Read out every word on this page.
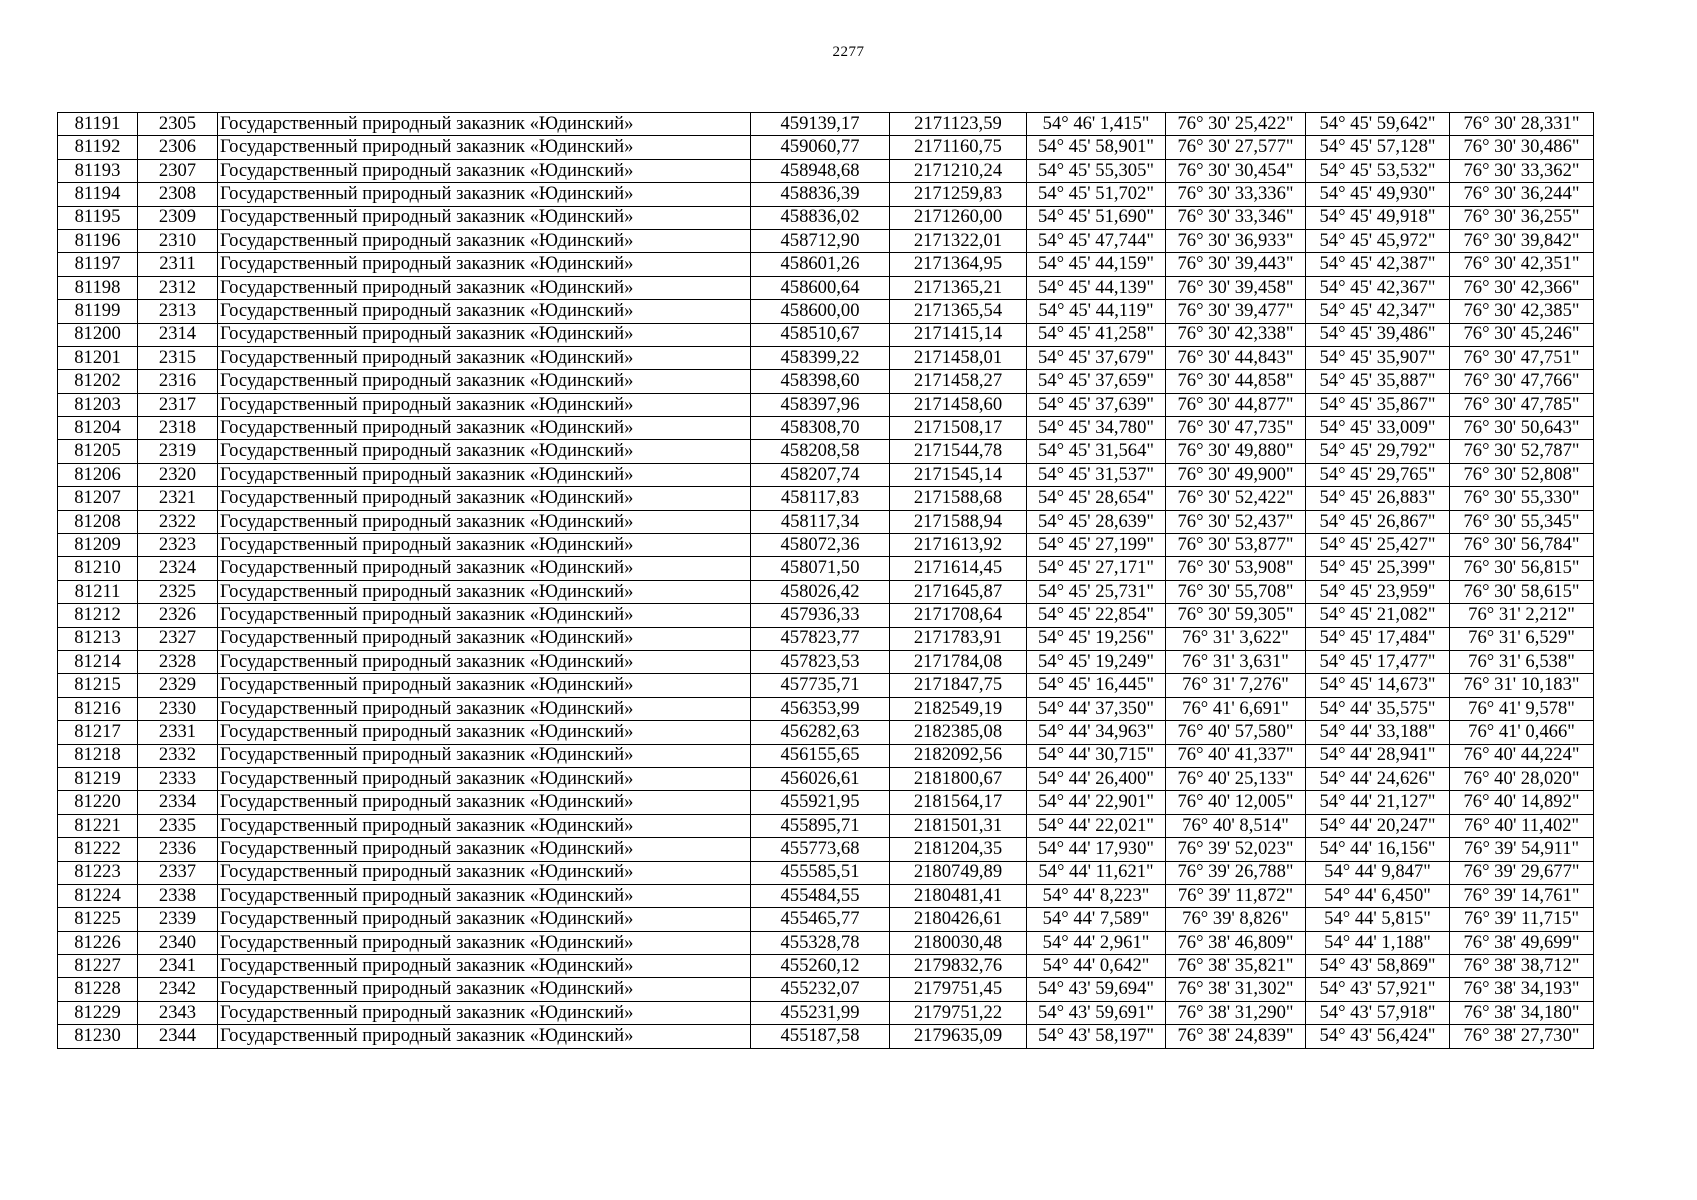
2277
81191	2305	Государственный природный заказник «Юдинский»	459139,17	2171123,59	54° 46' 1,415"	76° 30' 25,422"	54° 45' 59,642"	76° 30' 28,331"
81192	2306	Государственный природный заказник «Юдинский»	459060,77	2171160,75	54° 45' 58,901"	76° 30' 27,577"	54° 45' 57,128"	76° 30' 30,486"
81193	2307	Государственный природный заказник «Юдинский»	458948,68	2171210,24	54° 45' 55,305"	76° 30' 30,454"	54° 45' 53,532"	76° 30' 33,362"
81194	2308	Государственный природный заказник «Юдинский»	458836,39	2171259,83	54° 45' 51,702"	76° 30' 33,336"	54° 45' 49,930"	76° 30' 36,244"
81195	2309	Государственный природный заказник «Юдинский»	458836,02	2171260,00	54° 45' 51,690"	76° 30' 33,346"	54° 45' 49,918"	76° 30' 36,255"
81196	2310	Государственный природный заказник «Юдинский»	458712,90	2171322,01	54° 45' 47,744"	76° 30' 36,933"	54° 45' 45,972"	76° 30' 39,842"
81197	2311	Государственный природный заказник «Юдинский»	458601,26	2171364,95	54° 45' 44,159"	76° 30' 39,443"	54° 45' 42,387"	76° 30' 42,351"
81198	2312	Государственный природный заказник «Юдинский»	458600,64	2171365,21	54° 45' 44,139"	76° 30' 39,458"	54° 45' 42,367"	76° 30' 42,366"
81199	2313	Государственный природный заказник «Юдинский»	458600,00	2171365,54	54° 45' 44,119"	76° 30' 39,477"	54° 45' 42,347"	76° 30' 42,385"
81200	2314	Государственный природный заказник «Юдинский»	458510,67	2171415,14	54° 45' 41,258"	76° 30' 42,338"	54° 45' 39,486"	76° 30' 45,246"
81201	2315	Государственный природный заказник «Юдинский»	458399,22	2171458,01	54° 45' 37,679"	76° 30' 44,843"	54° 45' 35,907"	76° 30' 47,751"
81202	2316	Государственный природный заказник «Юдинский»	458398,60	2171458,27	54° 45' 37,659"	76° 30' 44,858"	54° 45' 35,887"	76° 30' 47,766"
81203	2317	Государственный природный заказник «Юдинский»	458397,96	2171458,60	54° 45' 37,639"	76° 30' 44,877"	54° 45' 35,867"	76° 30' 47,785"
81204	2318	Государственный природный заказник «Юдинский»	458308,70	2171508,17	54° 45' 34,780"	76° 30' 47,735"	54° 45' 33,009"	76° 30' 50,643"
81205	2319	Государственный природный заказник «Юдинский»	458208,58	2171544,78	54° 45' 31,564"	76° 30' 49,880"	54° 45' 29,792"	76° 30' 52,787"
81206	2320	Государственный природный заказник «Юдинский»	458207,74	2171545,14	54° 45' 31,537"	76° 30' 49,900"	54° 45' 29,765"	76° 30' 52,808"
81207	2321	Государственный природный заказник «Юдинский»	458117,83	2171588,68	54° 45' 28,654"	76° 30' 52,422"	54° 45' 26,883"	76° 30' 55,330"
81208	2322	Государственный природный заказник «Юдинский»	458117,34	2171588,94	54° 45' 28,639"	76° 30' 52,437"	54° 45' 26,867"	76° 30' 55,345"
81209	2323	Государственный природный заказник «Юдинский»	458072,36	2171613,92	54° 45' 27,199"	76° 30' 53,877"	54° 45' 25,427"	76° 30' 56,784"
81210	2324	Государственный природный заказник «Юдинский»	458071,50	2171614,45	54° 45' 27,171"	76° 30' 53,908"	54° 45' 25,399"	76° 30' 56,815"
81211	2325	Государственный природный заказник «Юдинский»	458026,42	2171645,87	54° 45' 25,731"	76° 30' 55,708"	54° 45' 23,959"	76° 30' 58,615"
81212	2326	Государственный природный заказник «Юдинский»	457936,33	2171708,64	54° 45' 22,854"	76° 30' 59,305"	54° 45' 21,082"	76° 31' 2,212"
81213	2327	Государственный природный заказник «Юдинский»	457823,77	2171783,91	54° 45' 19,256"	76° 31' 3,622"	54° 45' 17,484"	76° 31' 6,529"
81214	2328	Государственный природный заказник «Юдинский»	457823,53	2171784,08	54° 45' 19,249"	76° 31' 3,631"	54° 45' 17,477"	76° 31' 6,538"
81215	2329	Государственный природный заказник «Юдинский»	457735,71	2171847,75	54° 45' 16,445"	76° 31' 7,276"	54° 45' 14,673"	76° 31' 10,183"
81216	2330	Государственный природный заказник «Юдинский»	456353,99	2182549,19	54° 44' 37,350"	76° 41' 6,691"	54° 44' 35,575"	76° 41' 9,578"
81217	2331	Государственный природный заказник «Юдинский»	456282,63	2182385,08	54° 44' 34,963"	76° 40' 57,580"	54° 44' 33,188"	76° 41' 0,466"
81218	2332	Государственный природный заказник «Юдинский»	456155,65	2182092,56	54° 44' 30,715"	76° 40' 41,337"	54° 44' 28,941"	76° 40' 44,224"
81219	2333	Государственный природный заказник «Юдинский»	456026,61	2181800,67	54° 44' 26,400"	76° 40' 25,133"	54° 44' 24,626"	76° 40' 28,020"
81220	2334	Государственный природный заказник «Юдинский»	455921,95	2181564,17	54° 44' 22,901"	76° 40' 12,005"	54° 44' 21,127"	76° 40' 14,892"
81221	2335	Государственный природный заказник «Юдинский»	455895,71	2181501,31	54° 44' 22,021"	76° 40' 8,514"	54° 44' 20,247"	76° 40' 11,402"
81222	2336	Государственный природный заказник «Юдинский»	455773,68	2181204,35	54° 44' 17,930"	76° 39' 52,023"	54° 44' 16,156"	76° 39' 54,911"
81223	2337	Государственный природный заказник «Юдинский»	455585,51	2180749,89	54° 44' 11,621"	76° 39' 26,788"	54° 44' 9,847"	76° 39' 29,677"
81224	2338	Государственный природный заказник «Юдинский»	455484,55	2180481,41	54° 44' 8,223"	76° 39' 11,872"	54° 44' 6,450"	76° 39' 14,761"
81225	2339	Государственный природный заказник «Юдинский»	455465,77	2180426,61	54° 44' 7,589"	76° 39' 8,826"	54° 44' 5,815"	76° 39' 11,715"
81226	2340	Государственный природный заказник «Юдинский»	455328,78	2180030,48	54° 44' 2,961"	76° 38' 46,809"	54° 44' 1,188"	76° 38' 49,699"
81227	2341	Государственный природный заказник «Юдинский»	455260,12	2179832,76	54° 44' 0,642"	76° 38' 35,821"	54° 43' 58,869"	76° 38' 38,712"
81228	2342	Государственный природный заказник «Юдинский»	455232,07	2179751,45	54° 43' 59,694"	76° 38' 31,302"	54° 43' 57,921"	76° 38' 34,193"
81229	2343	Государственный природный заказник «Юдинский»	455231,99	2179751,22	54° 43' 59,691"	76° 38' 31,290"	54° 43' 57,918"	76° 38' 34,180"
81230	2344	Государственный природный заказник «Юдинский»	455187,58	2179635,09	54° 43' 58,197"	76° 38' 24,839"	54° 43' 56,424"	76° 38' 27,730"
